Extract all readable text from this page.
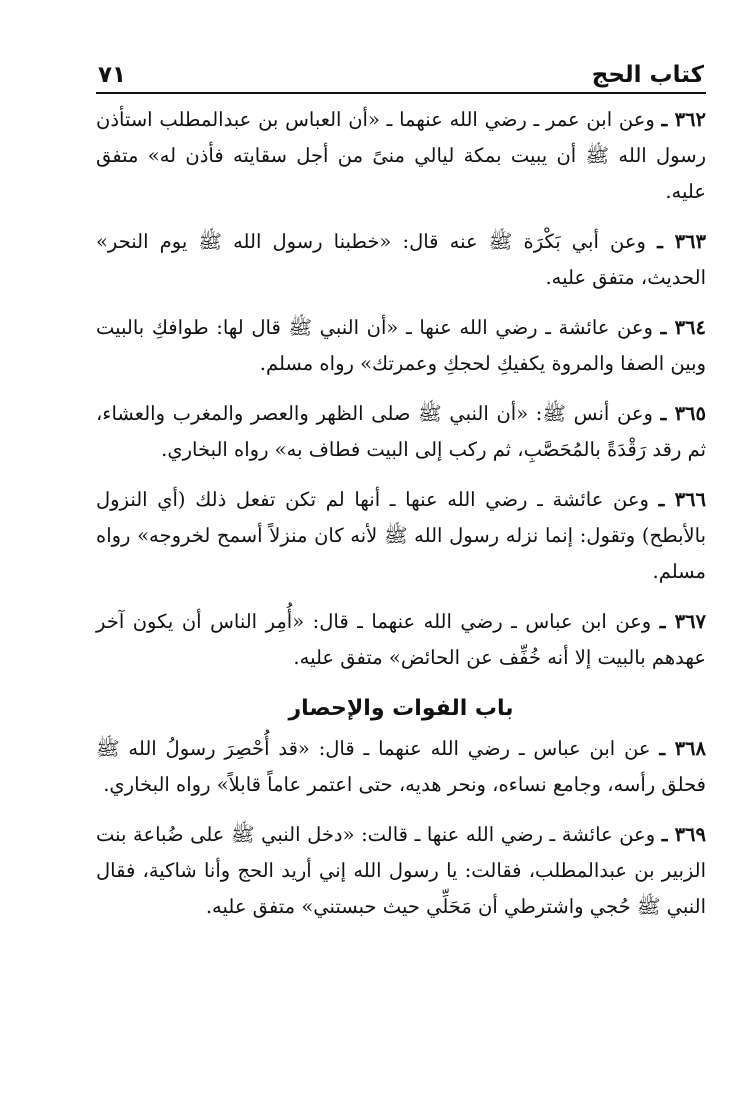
كتاب الحج
٧١

٣٦٢ ـ وعن ابن عمر ـ رضي الله عنهما ـ «أن العباس بن عبدالمطلب استأذن رسول الله ﷺ أن يبيت بمكة ليالي منىً من أجل سقايته فأذن له» متفق عليه.

٣٦٣ ـ وعن أبي بَكْرَة ﷺ عنه قال: «خطبنا رسول الله ﷺ يوم النحر» الحديث، متفق عليه.

٣٦٤ ـ وعن عائشة ـ رضي الله عنها ـ «أن النبي ﷺ قال لها: طوافكِ بالبيت وبين الصفا والمروة يكفيكِ لحجكِ وعمرتك» رواه مسلم.

٣٦٥ ـ وعن أنس ﷺ: «أن النبي ﷺ صلى الظهر والعصر والمغرب والعشاء، ثم رقد رَقْدَةً بالمُحَصَّبِ، ثم ركب إلى البيت فطاف به» رواه البخاري.

٣٦٦ ـ وعن عائشة ـ رضي الله عنها ـ أنها لم تكن تفعل ذلك (أي النزول بالأبطح) وتقول: إنما نزله رسول الله ﷺ لأنه كان منزلاً أسمح لخروجه» رواه مسلم.

٣٦٧ ـ وعن ابن عباس ـ رضي الله عنهما ـ قال: «أُمِر الناس أن يكون آخر عهدهم بالبيت إلا أنه خُفِّف عن الحائض» متفق عليه.

باب الفوات والإحصار

٣٦٨ ـ عن ابن عباس ـ رضي الله عنهما ـ قال: «قد أُحْصِرَ رسولُ الله ﷺ فحلق رأسه، وجامع نساءه، ونحر هديه، حتى اعتمر عاماً قابلاً» رواه البخاري.

٣٦٩ ـ وعن عائشة ـ رضي الله عنها ـ قالت: «دخل النبي ﷺ على ضُباعة بنت الزبير بن عبدالمطلب، فقالت: يا رسول الله إني أريد الحج وأنا شاكية، فقال النبي ﷺ حُجي واشترطي أن مَحَلِّي حيث حبستني» متفق عليه.
